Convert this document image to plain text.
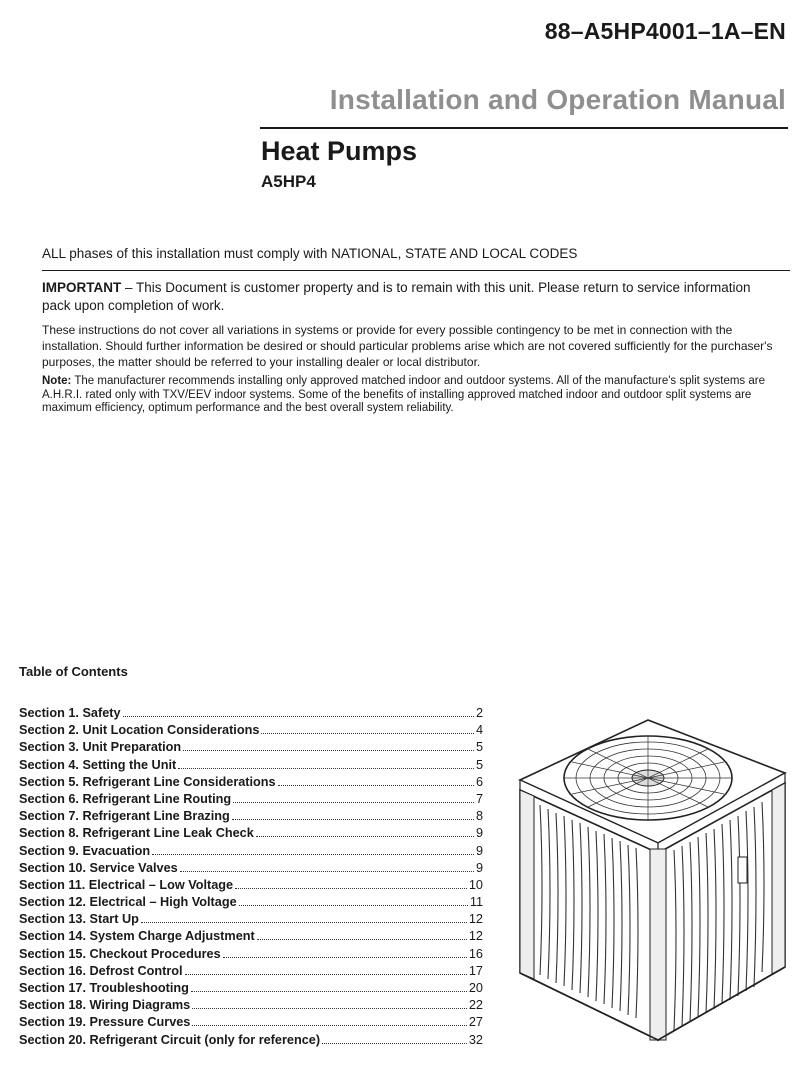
88–A5HP4001–1A–EN
Installation and Operation Manual
Heat Pumps
A5HP4
ALL phases of this installation must comply with NATIONAL, STATE AND LOCAL CODES
IMPORTANT – This Document is customer property and is to remain with this unit. Please return to service information pack upon completion of work.
These instructions do not cover all variations in systems or provide for every possible contingency to be met in connection with the installation. Should further information be desired or should particular problems arise which are not covered sufficiently for the purchaser's purposes, the matter should be referred to your installing dealer or local distributor.
Note: The manufacturer recommends installing only approved matched indoor and outdoor systems. All of the manufacture's split systems are A.H.R.I. rated only with TXV/EEV indoor systems. Some of the benefits of installing approved matched indoor and outdoor split systems are maximum efficiency, optimum performance and the best overall system reliability.
Table of Contents
Section 1. Safety	2
Section 2. Unit Location Considerations	4
Section 3. Unit Preparation	5
Section 4. Setting the Unit	5
Section 5. Refrigerant Line Considerations	6
Section 6. Refrigerant Line Routing	7
Section 7. Refrigerant Line Brazing	8
Section 8. Refrigerant Line Leak Check	9
Section 9. Evacuation	9
Section 10. Service Valves	9
Section 11. Electrical – Low Voltage	10
Section 12. Electrical – High Voltage	11
Section 13. Start Up	12
Section 14. System Charge Adjustment	12
Section 15. Checkout Procedures	16
Section 16. Defrost Control	17
Section 17. Troubleshooting	20
Section 18. Wiring Diagrams	22
Section 19. Pressure Curves	27
Section 20. Refrigerant Circuit (only for reference)	32
